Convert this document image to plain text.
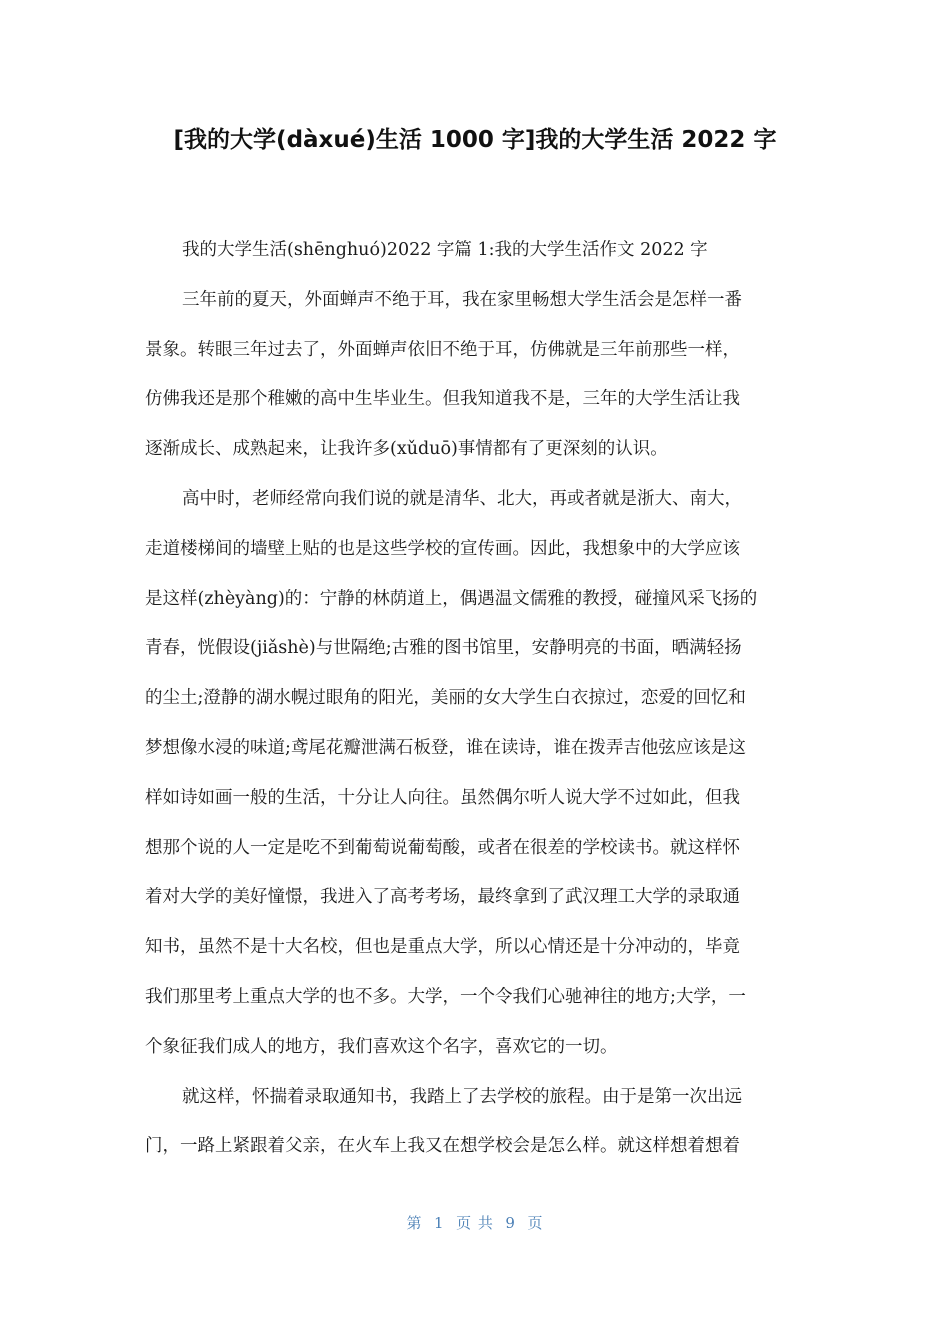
[我的大学(dàxué)生活 1000 字]我的大学生活 2022 字
我的大学生活(shēnghuó)2022 字篇 1:我的大学生活作文 2022 字
三年前的夏天，外面蝉声不绝于耳，我在家里畅想大学生活会是怎样一番
景象。转眼三年过去了，外面蝉声依旧不绝于耳，仿佛就是三年前那些一样，
仿佛我还是那个稚嫩的高中生毕业生。但我知道我不是，三年的大学生活让我
逐渐成长、成熟起来，让我许多(xǔduō)事情都有了更深刻的认识。
高中时，老师经常向我们说的就是清华、北大，再或者就是浙大、南大，
走道楼梯间的墙壁上贴的也是这些学校的宣传画。因此，我想象中的大学应该
是这样(zhèyàng)的：宁静的林荫道上，偶遇温文儒雅的教授，碰撞风采飞扬的
青春，恍假设(jiǎshè)与世隔绝;古雅的图书馆里，安静明亮的书面，晒满轻扬
的尘土;澄静的湖水幌过眼角的阳光，美丽的女大学生白衣掠过，恋爱的回忆和
梦想像水浸的味道;鸢尾花瓣泄满石板登，谁在读诗，谁在拨弄吉他弦应该是这
样如诗如画一般的生活，十分让人向往。虽然偶尔听人说大学不过如此，但我
想那个说的人一定是吃不到葡萄说葡萄酸，或者在很差的学校读书。就这样怀
着对大学的美好憧憬，我进入了高考考场，最终拿到了武汉理工大学的录取通
知书，虽然不是十大名校，但也是重点大学，所以心情还是十分冲动的，毕竟
我们那里考上重点大学的也不多。大学，一个令我们心驰神往的地方;大学，一
个象征我们成人的地方，我们喜欢这个名字，喜欢它的一切。
就这样，怀揣着录取通知书，我踏上了去学校的旅程。由于是第一次出远
门，一路上紧跟着父亲，在火车上我又在想学校会是怎么样。就这样想着想着
第  1  页 共  9  页
